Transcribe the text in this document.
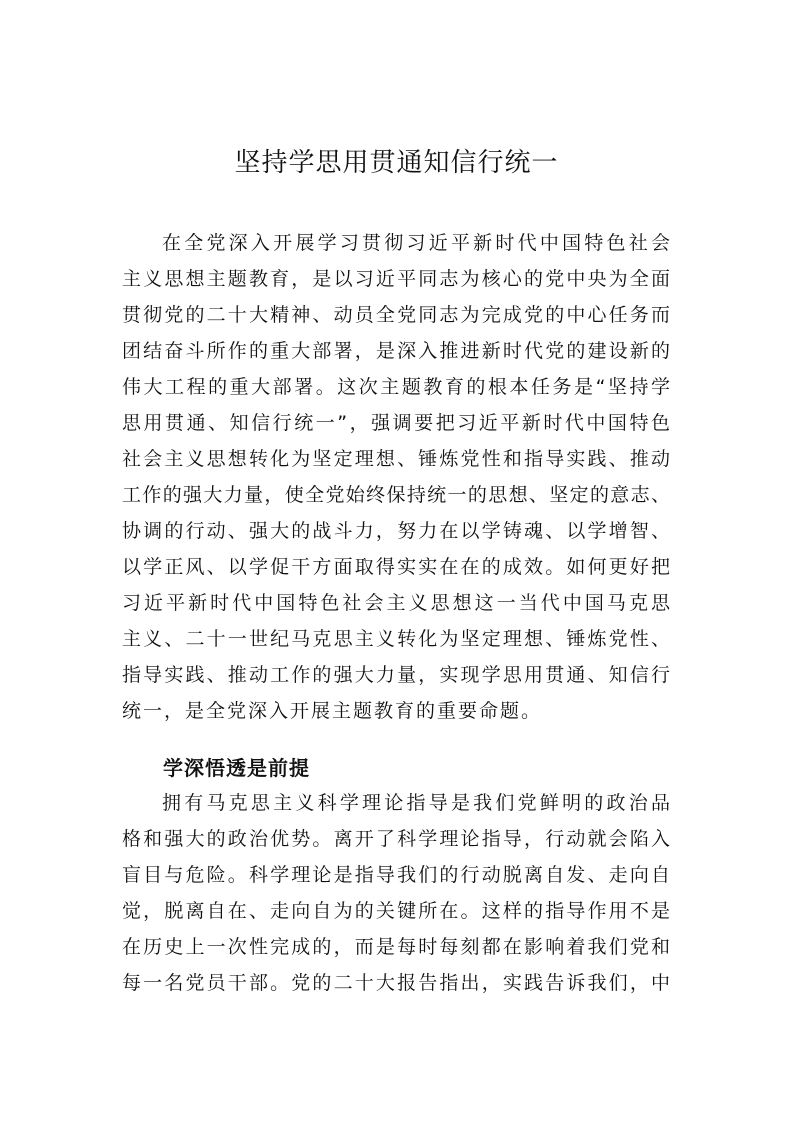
坚持学思用贯通知信行统一
在全党深入开展学习贯彻习近平新时代中国特色社会
主义思想主题教育，是以习近平同志为核心的党中央为全面
贯彻党的二十大精神、动员全党同志为完成党的中心任务而
团结奋斗所作的重大部署，是深入推进新时代党的建设新的
伟大工程的重大部署。这次主题教育的根本任务是“坚持学
思用贯通、知信行统一”，强调要把习近平新时代中国特色
社会主义思想转化为坚定理想、锤炼党性和指导实践、推动
工作的强大力量，使全党始终保持统一的思想、坚定的意志、
协调的行动、强大的战斗力，努力在以学铸魂、以学增智、
以学正风、以学促干方面取得实实在在的成效。如何更好把
习近平新时代中国特色社会主义思想这一当代中国马克思
主义、二十一世纪马克思主义转化为坚定理想、锤炼党性、
指导实践、推动工作的强大力量，实现学思用贯通、知信行
统一，是全党深入开展主题教育的重要命题。
学深悟透是前提
拥有马克思主义科学理论指导是我们党鲜明的政治品
格和强大的政治优势。离开了科学理论指导，行动就会陷入
盲目与危险。科学理论是指导我们的行动脱离自发、走向自
觉，脱离自在、走向自为的关键所在。这样的指导作用不是
在历史上一次性完成的，而是每时每刻都在影响着我们党和
每一名党员干部。党的二十大报告指出，实践告诉我们，中
